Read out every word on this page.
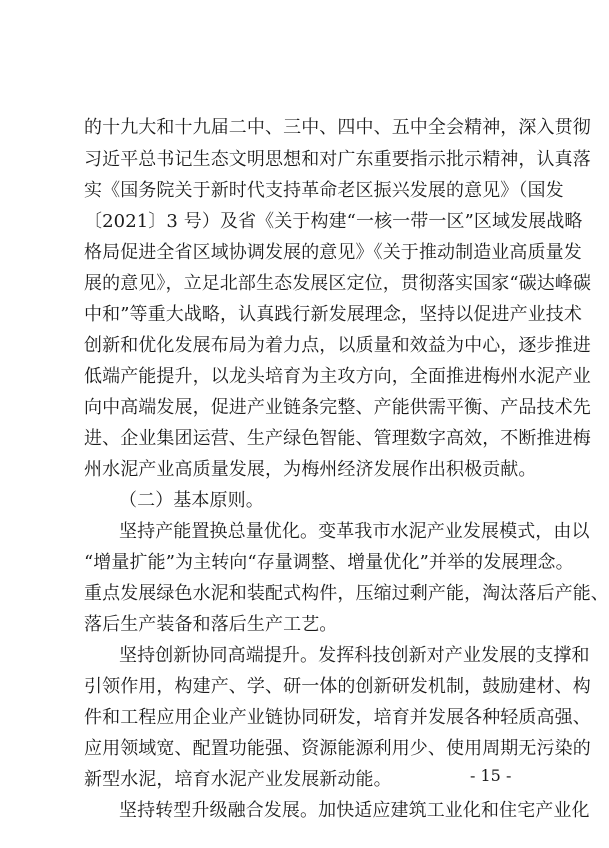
的十九大和十九届二中、三中、四中、五中全会精神，深入贯彻
习近平总书记生态文明思想和对广东重要指示批示精神，认真落
实《国务院关于新时代支持革命老区振兴发展的意见》（国发
〔2021〕3 号）及省《关于构建“一核一带一区”区域发展战略
格局促进全省区域协调发展的意见》《关于推动制造业高质量发
展的意见》，立足北部生态发展区定位，贯彻落实国家“碳达峰碳
中和”等重大战略，认真践行新发展理念，坚持以促进产业技术
创新和优化发展布局为着力点，以质量和效益为中心，逐步推进
低端产能提升，以龙头培育为主攻方向，全面推进梅州水泥产业
向中高端发展，促进产业链条完整、产能供需平衡、产品技术先
进、企业集团运营、生产绿色智能、管理数字高效，不断推进梅
州水泥产业高质量发展，为梅州经济发展作出积极贡献。
（二）基本原则。
坚持产能置换总量优化。变革我市水泥产业发展模式，由以
“增量扩能”为主转向“存量调整、增量优化”并举的发展理念。
重点发展绿色水泥和装配式构件，压缩过剩产能，淘汰落后产能、
落后生产装备和落后生产工艺。
坚持创新协同高端提升。发挥科技创新对产业发展的支撑和
引领作用，构建产、学、研一体的创新研发机制，鼓励建材、构
件和工程应用企业产业链协同研发，培育并发展各种轻质高强、
应用领域宽、配置功能强、资源能源利用少、使用周期无污染的
新型水泥，培育水泥产业发展新动能。
坚持转型升级融合发展。加快适应建筑工业化和住宅产业化
- 15 -
